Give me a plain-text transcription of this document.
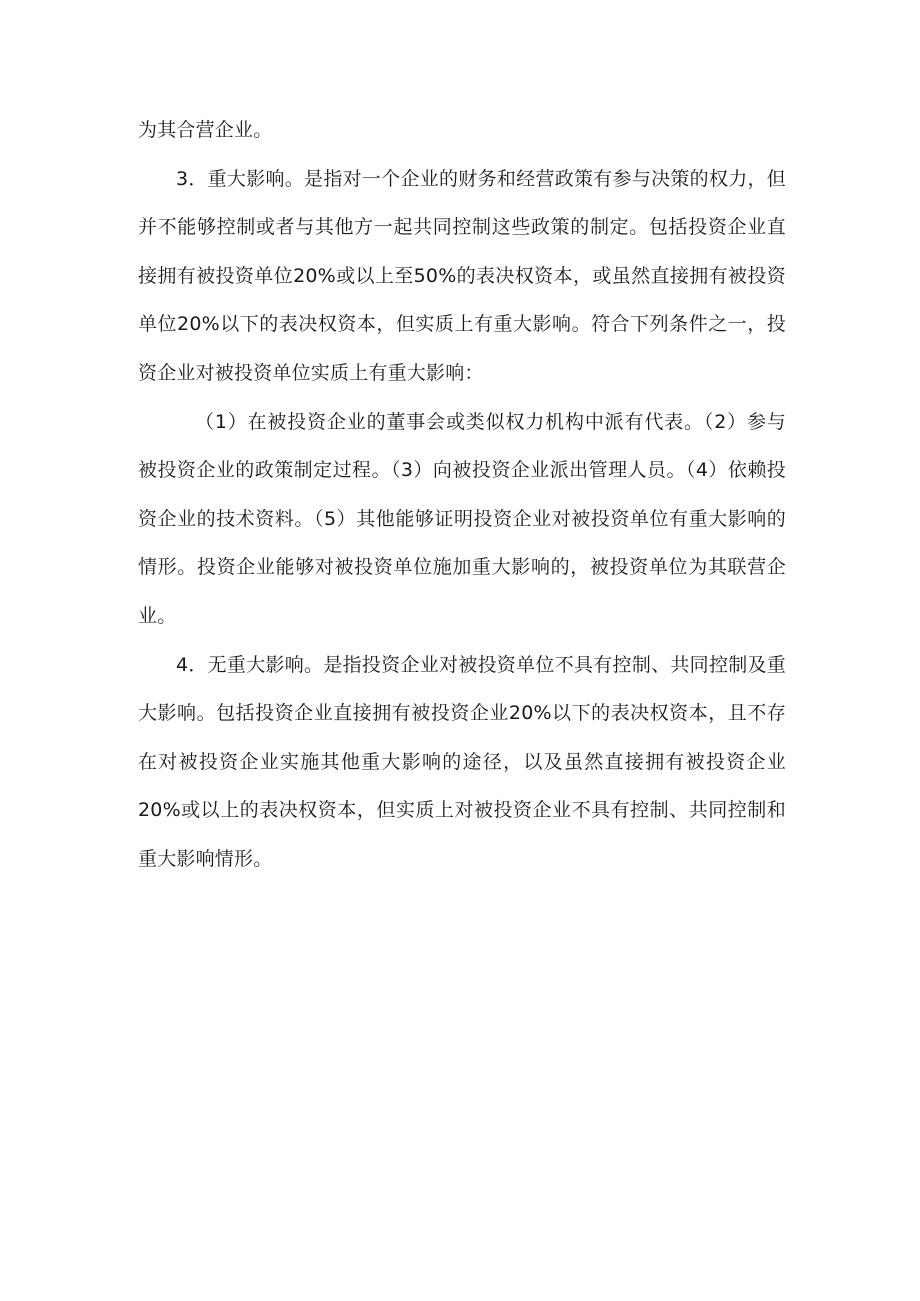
为其合营企业。

3．重大影响。是指对一个企业的财务和经营政策有参与决策的权力，但并不能够控制或者与其他方一起共同控制这些政策的制定。包括投资企业直接拥有被投资单位20%或以上至50%的表决权资本，或虽然直接拥有被投资单位20%以下的表决权资本，但实质上有重大影响。符合下列条件之一，投资企业对被投资单位实质上有重大影响：

（1）在被投资企业的董事会或类似权力机构中派有代表。（2）参与被投资企业的政策制定过程。（3）向被投资企业派出管理人员。（4）依赖投资企业的技术资料。（5）其他能够证明投资企业对被投资单位有重大影响的情形。投资企业能够对被投资单位施加重大影响的，被投资单位为其联营企业。

4．无重大影响。是指投资企业对被投资单位不具有控制、共同控制及重大影响。包括投资企业直接拥有被投资企业20%以下的表决权资本，且不存在对被投资企业实施其他重大影响的途径，以及虽然直接拥有被投资企业20%或以上的表决权资本，但实质上对被投资企业不具有控制、共同控制和重大影响情形。
